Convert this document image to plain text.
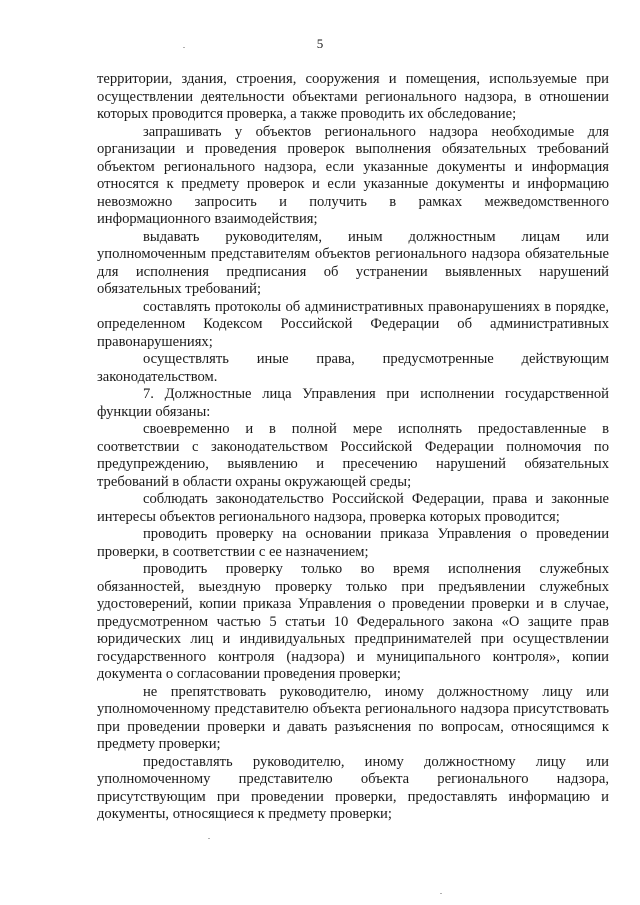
5

территории, здания, строения, сооружения и помещения, используемые при осуществлении деятельности объектами регионального надзора, в отношении которых проводится проверка, а также проводить их обследование;

запрашивать у объектов регионального надзора необходимые для организации и проведения проверок выполнения обязательных требований объектом регионального надзора, если указанные документы и информация относятся к предмету проверок и если указанные документы и информацию невозможно запросить и получить в рамках межведомственного информационного взаимодействия;

выдавать руководителям, иным должностным лицам или уполномоченным представителям объектов регионального надзора обязательные для исполнения предписания об устранении выявленных нарушений обязательных требований;

составлять протоколы об административных правонарушениях в порядке, определенном Кодексом Российской Федерации об административных правонарушениях;

осуществлять иные права, предусмотренные действующим законодательством.

7. Должностные лица Управления при исполнении государственной функции обязаны:

своевременно и в полной мере исполнять предоставленные в соответствии с законодательством Российской Федерации полномочия по предупреждению, выявлению и пресечению нарушений обязательных требований в области охраны окружающей среды;

соблюдать законодательство Российской Федерации, права и законные интересы объектов регионального надзора, проверка которых проводится;

проводить проверку на основании приказа Управления о проведении проверки, в соответствии с ее назначением;

проводить проверку только во время исполнения служебных обязанностей, выездную проверку только при предъявлении служебных удостоверений, копии приказа Управления о проведении проверки и в случае, предусмотренном частью 5 статьи 10 Федерального закона «О защите прав юридических лиц и индивидуальных предпринимателей при осуществлении государственного контроля (надзора) и муниципального контроля», копии документа о согласовании проведения проверки;

не препятствовать руководителю, иному должностному лицу или уполномоченному представителю объекта регионального надзора присутствовать при проведении проверки и давать разъяснения по вопросам, относящимся к предмету проверки;

предоставлять руководителю, иному должностному лицу или уполномоченному представителю объекта регионального надзора, присутствующим при проведении проверки, предоставлять информацию и документы, относящиеся к предмету проверки;
